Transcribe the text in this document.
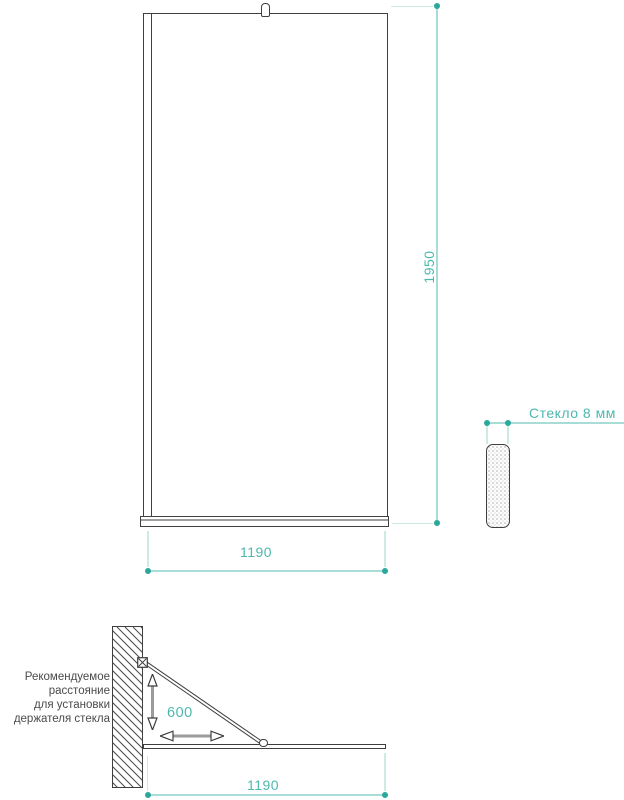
1950
1190
Стекло 8 мм
Рекомендуемое
расстояние
для установки
держателя стекла	600
1190
